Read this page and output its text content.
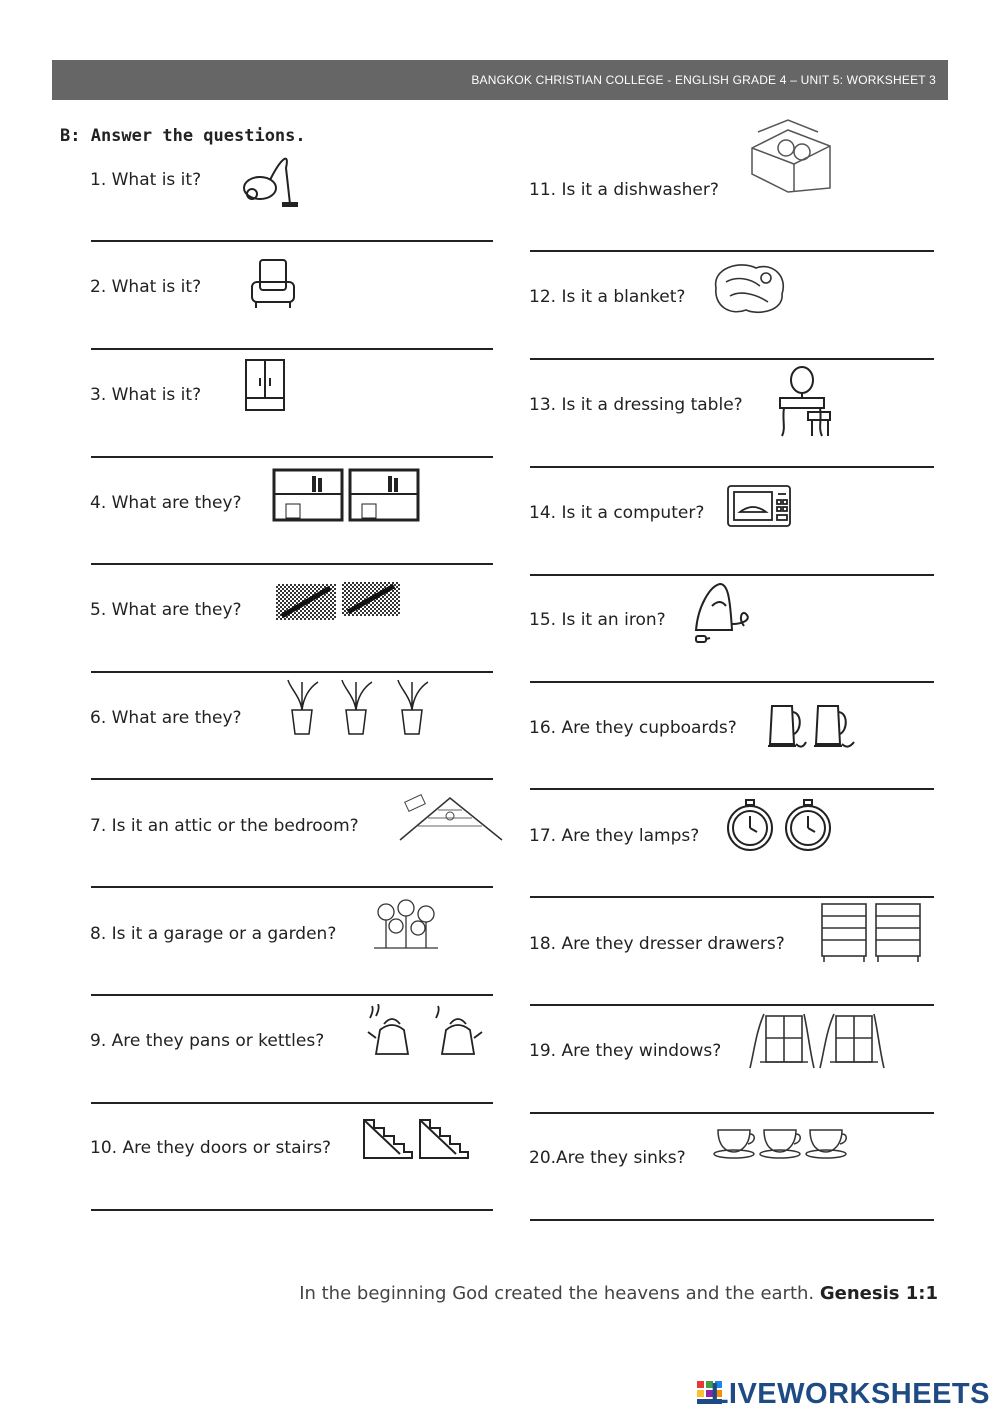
BANGKOK CHRISTIAN COLLEGE - ENGLISH GRADE 4 – UNIT 5: WORKSHEET 3
B: Answer the questions.
1. What is it?
2. What is it?
3. What is it?
4. What are they?
5. What are they?
6. What are they?
7. Is it an attic or the bedroom?
8. Is it a garage or a garden?
9. Are they pans or kettles?
10. Are they doors or stairs?
11. Is it a dishwasher?
12. Is it a blanket?
13. Is it a dressing table?
14. Is it a computer?
15. Is it an iron?
16. Are they cupboards?
17. Are they lamps?
18. Are they dresser drawers?
19. Are they windows?
20.Are they sinks?
In the beginning God created the heavens and the earth. Genesis 1:1
LIVEWORKSHEETS
